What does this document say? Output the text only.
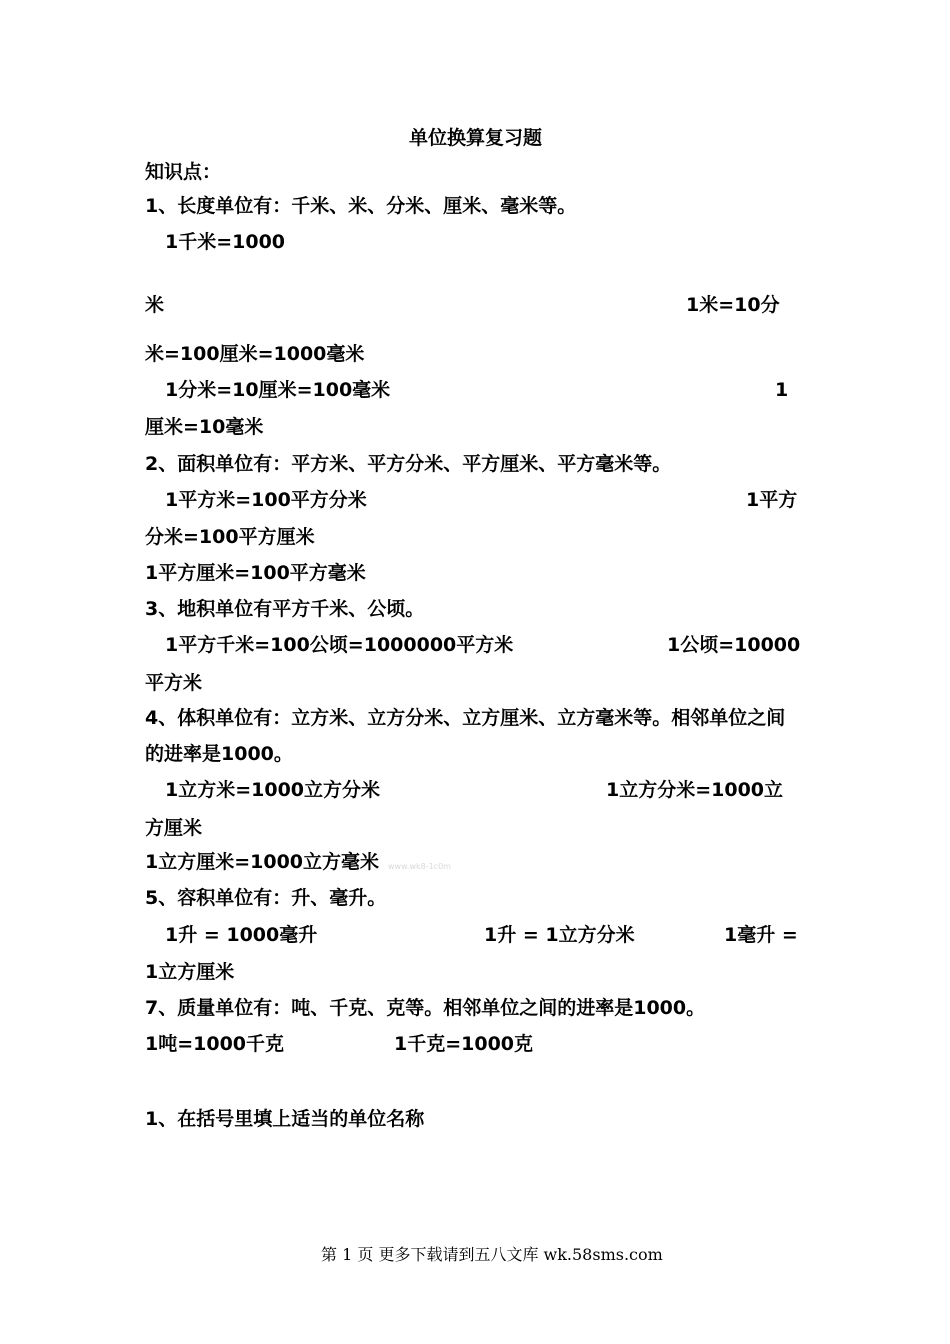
单位换算复习题
知识点：
1、长度单位有：千米、米、分米、厘米、毫米等。
1千米=1000
米	1米=10分
米=100厘米=1000毫米
1分米=10厘米=100毫米	1
厘米=10毫米
2、面积单位有：平方米、平方分米、平方厘米、平方毫米等。
1平方米=100平方分米	1平方
分米=100平方厘米
1平方厘米=100平方毫米
3、地积单位有平方千米、公顷。
1平方千米=100公顷=1000000平方米	1公顷=10000
平方米
4、体积单位有：立方米、立方分米、立方厘米、立方毫米等。相邻单位之间
的进率是1000。
1立方米=1000立方分米	1立方分米=1000立
方厘米
1立方厘米=1000立方毫米 www.wk8-1c0m
5、容积单位有：升、毫升。
1升 = 1000毫升	1升 = 1立方分米	1毫升 =
1立方厘米
7、质量单位有：吨、千克、克等。相邻单位之间的进率是1000。
1吨=1000千克	1千克=1000克
1、在括号里填上适当的单位名称
第 1 页 更多下载请到五八文库 wk.58sms.com
